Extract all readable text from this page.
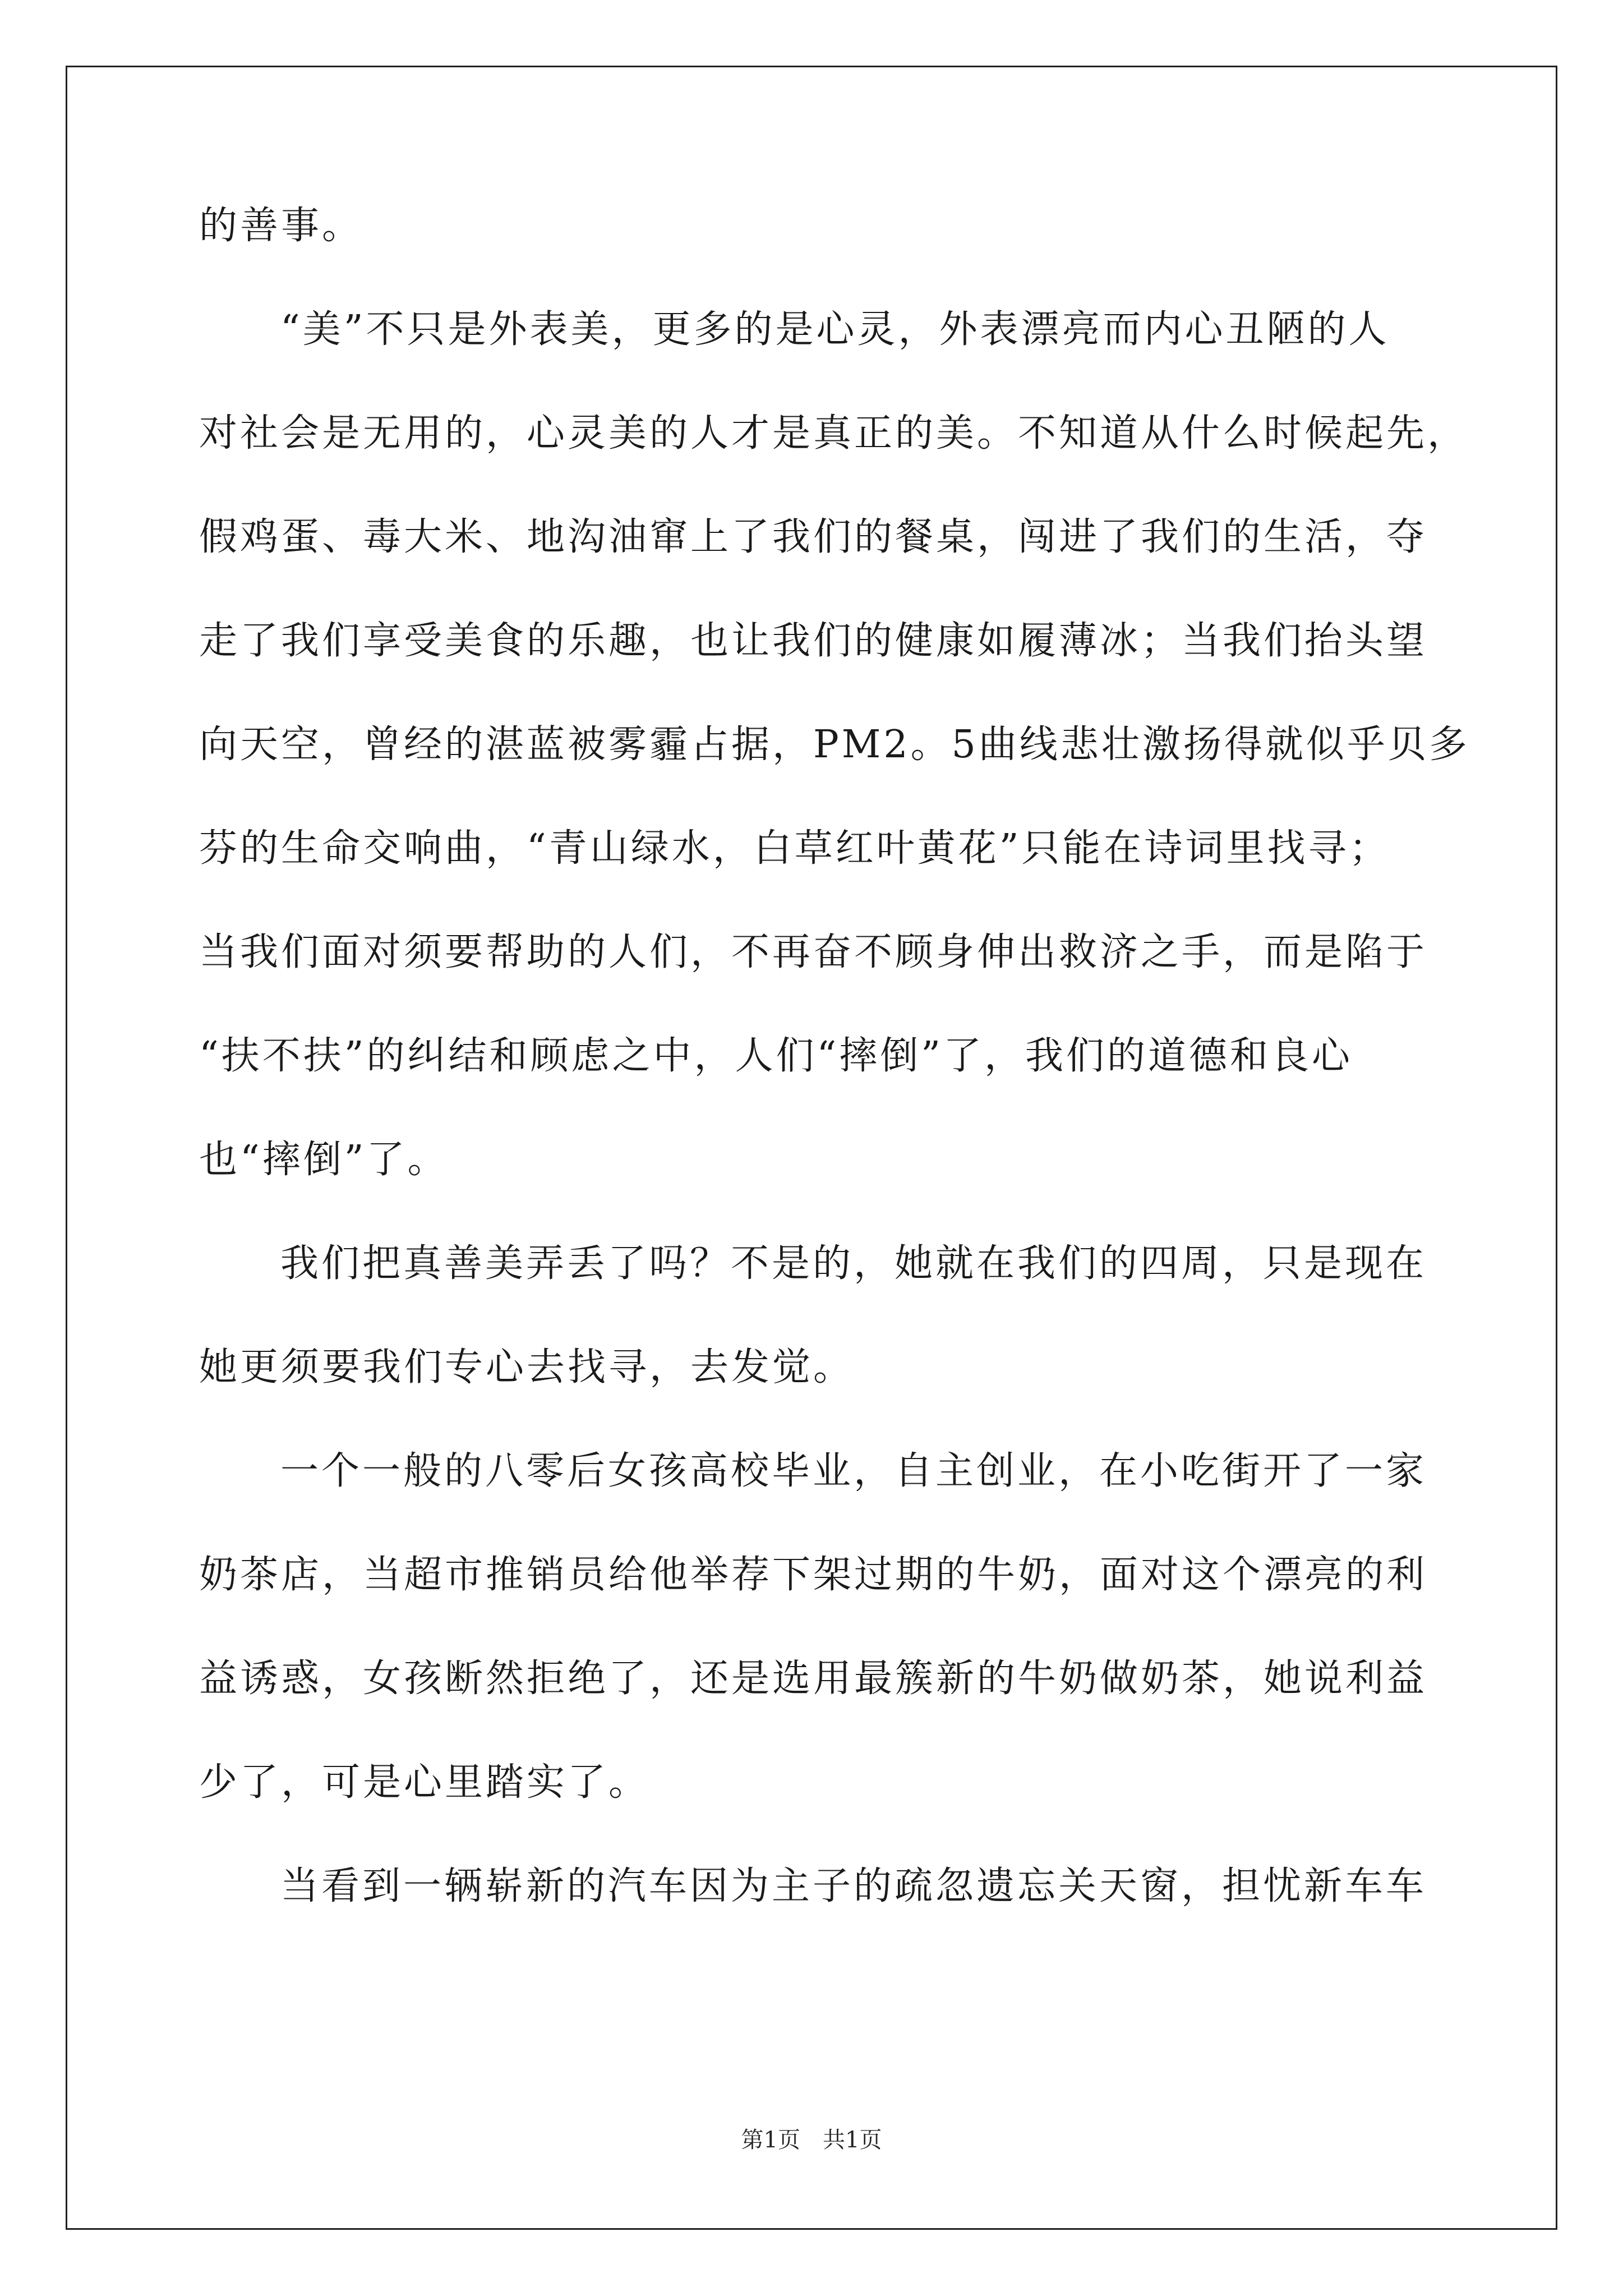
的善事。
“美”不只是外表美，更多的是心灵，外表漂亮而内心丑陋的人
对社会是无用的，心灵美的人才是真正的美。不知道从什么时候起先，
假鸡蛋、毒大米、地沟油窜上了我们的餐桌，闯进了我们的生活，夺
走了我们享受美食的乐趣，也让我们的健康如履薄冰；当我们抬头望
向天空，曾经的湛蓝被雾霾占据，PM2。5曲线悲壮激扬得就似乎贝多
芬的生命交响曲，“青山绿水，白草红叶黄花”只能在诗词里找寻；
当我们面对须要帮助的人们，不再奋不顾身伸出救济之手，而是陷于
“扶不扶”的纠结和顾虑之中，人们“摔倒”了，我们的道德和良心
也“摔倒”了。
我们把真善美弄丢了吗？不是的，她就在我们的四周，只是现在
她更须要我们专心去找寻，去发觉。
一个一般的八零后女孩高校毕业，自主创业，在小吃街开了一家
奶茶店，当超市推销员给他举荐下架过期的牛奶，面对这个漂亮的利
益诱惑，女孩断然拒绝了，还是选用最簇新的牛奶做奶茶，她说利益
少了，可是心里踏实了。
当看到一辆崭新的汽车因为主子的疏忽遗忘关天窗，担忧新车车
第1页　共1页
